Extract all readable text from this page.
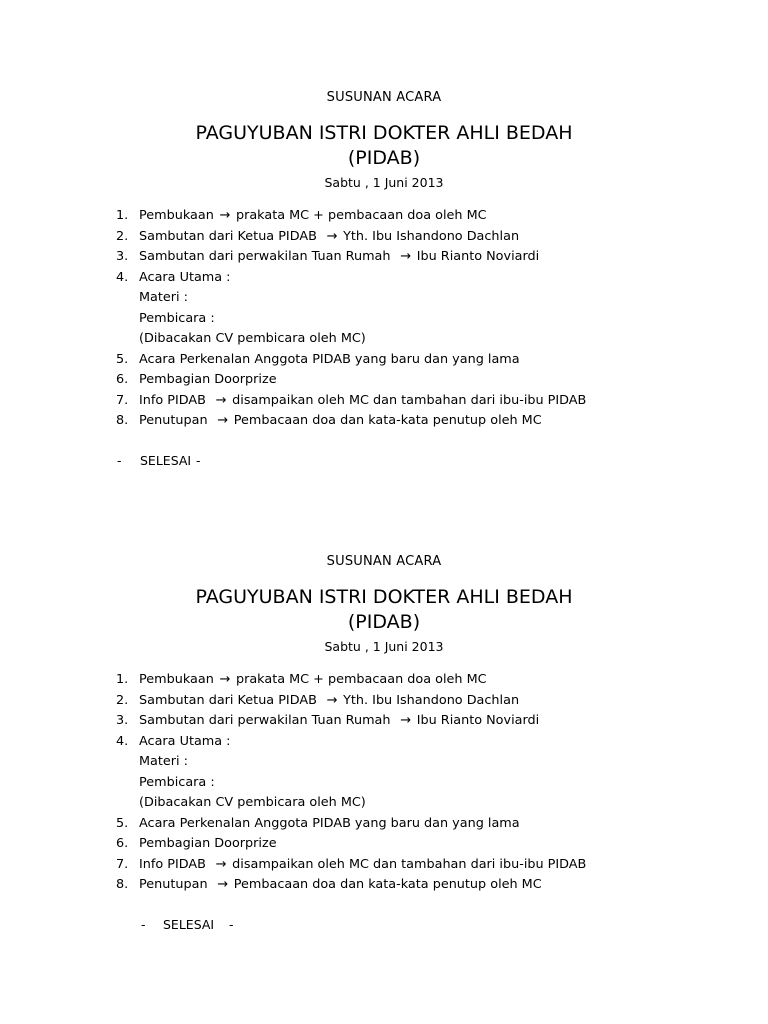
SUSUNAN ACARA
PAGUYUBAN ISTRI DOKTER AHLI BEDAH
(PIDAB)
Sabtu , 1 Juni 2013
1. Pembukaan → prakata MC + pembacaan doa oleh MC
2. Sambutan dari Ketua PIDAB  → Yth. Ibu Ishandono Dachlan
3. Sambutan dari perwakilan Tuan Rumah  → Ibu Rianto Noviardi
4. Acara Utama :
Materi :
Pembicara :
(Dibacakan CV pembicara oleh MC)
5. Acara Perkenalan Anggota PIDAB yang baru dan yang lama
6. Pembagian Doorprize
7. Info PIDAB  → disampaikan oleh MC dan tambahan dari ibu-ibu PIDAB
8. Penutupan  → Pembacaan doa dan kata-kata penutup oleh MC
- SELESAI -
SUSUNAN ACARA
PAGUYUBAN ISTRI DOKTER AHLI BEDAH
(PIDAB)
Sabtu , 1 Juni 2013
1. Pembukaan → prakata MC + pembacaan doa oleh MC
2. Sambutan dari Ketua PIDAB  → Yth. Ibu Ishandono Dachlan
3. Sambutan dari perwakilan Tuan Rumah  → Ibu Rianto Noviardi
4. Acara Utama :
Materi :
Pembicara :
(Dibacakan CV pembicara oleh MC)
5. Acara Perkenalan Anggota PIDAB yang baru dan yang lama
6. Pembagian Doorprize
7. Info PIDAB  → disampaikan oleh MC dan tambahan dari ibu-ibu PIDAB
8. Penutupan  → Pembacaan doa dan kata-kata penutup oleh MC
- SELESAI -
